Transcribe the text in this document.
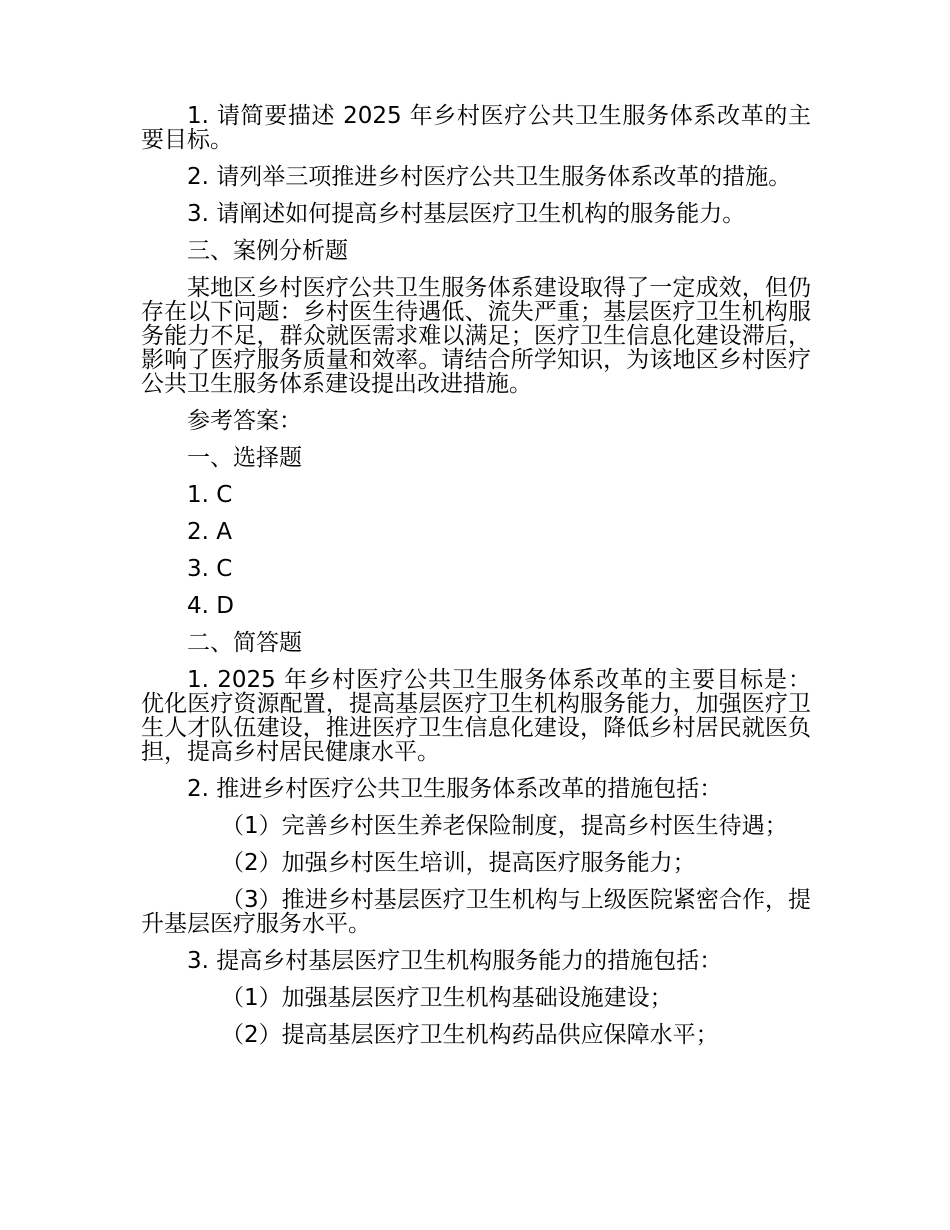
1. 请简要描述 2025 年乡村医疗公共卫生服务体系改革的主要目标。

2. 请列举三项推进乡村医疗公共卫生服务体系改革的措施。

3. 请阐述如何提高乡村基层医疗卫生机构的服务能力。

三、案例分析题

某地区乡村医疗公共卫生服务体系建设取得了一定成效，但仍存在以下问题：乡村医生待遇低、流失严重；基层医疗卫生机构服务能力不足，群众就医需求难以满足；医疗卫生信息化建设滞后，影响了医疗服务质量和效率。请结合所学知识，为该地区乡村医疗公共卫生服务体系建设提出改进措施。

参考答案：

一、选择题

1. C

2. A

3. C

4. D

二、简答题

1. 2025 年乡村医疗公共卫生服务体系改革的主要目标是：优化医疗资源配置，提高基层医疗卫生机构服务能力，加强医疗卫生人才队伍建设，推进医疗卫生信息化建设，降低乡村居民就医负担，提高乡村居民健康水平。

2. 推进乡村医疗公共卫生服务体系改革的措施包括：

（1）完善乡村医生养老保险制度，提高乡村医生待遇；

（2）加强乡村医生培训，提高医疗服务能力；

（3）推进乡村基层医疗卫生机构与上级医院紧密合作，提升基层医疗服务水平。

3. 提高乡村基层医疗卫生机构服务能力的措施包括：

（1）加强基层医疗卫生机构基础设施建设；

（2）提高基层医疗卫生机构药品供应保障水平；
